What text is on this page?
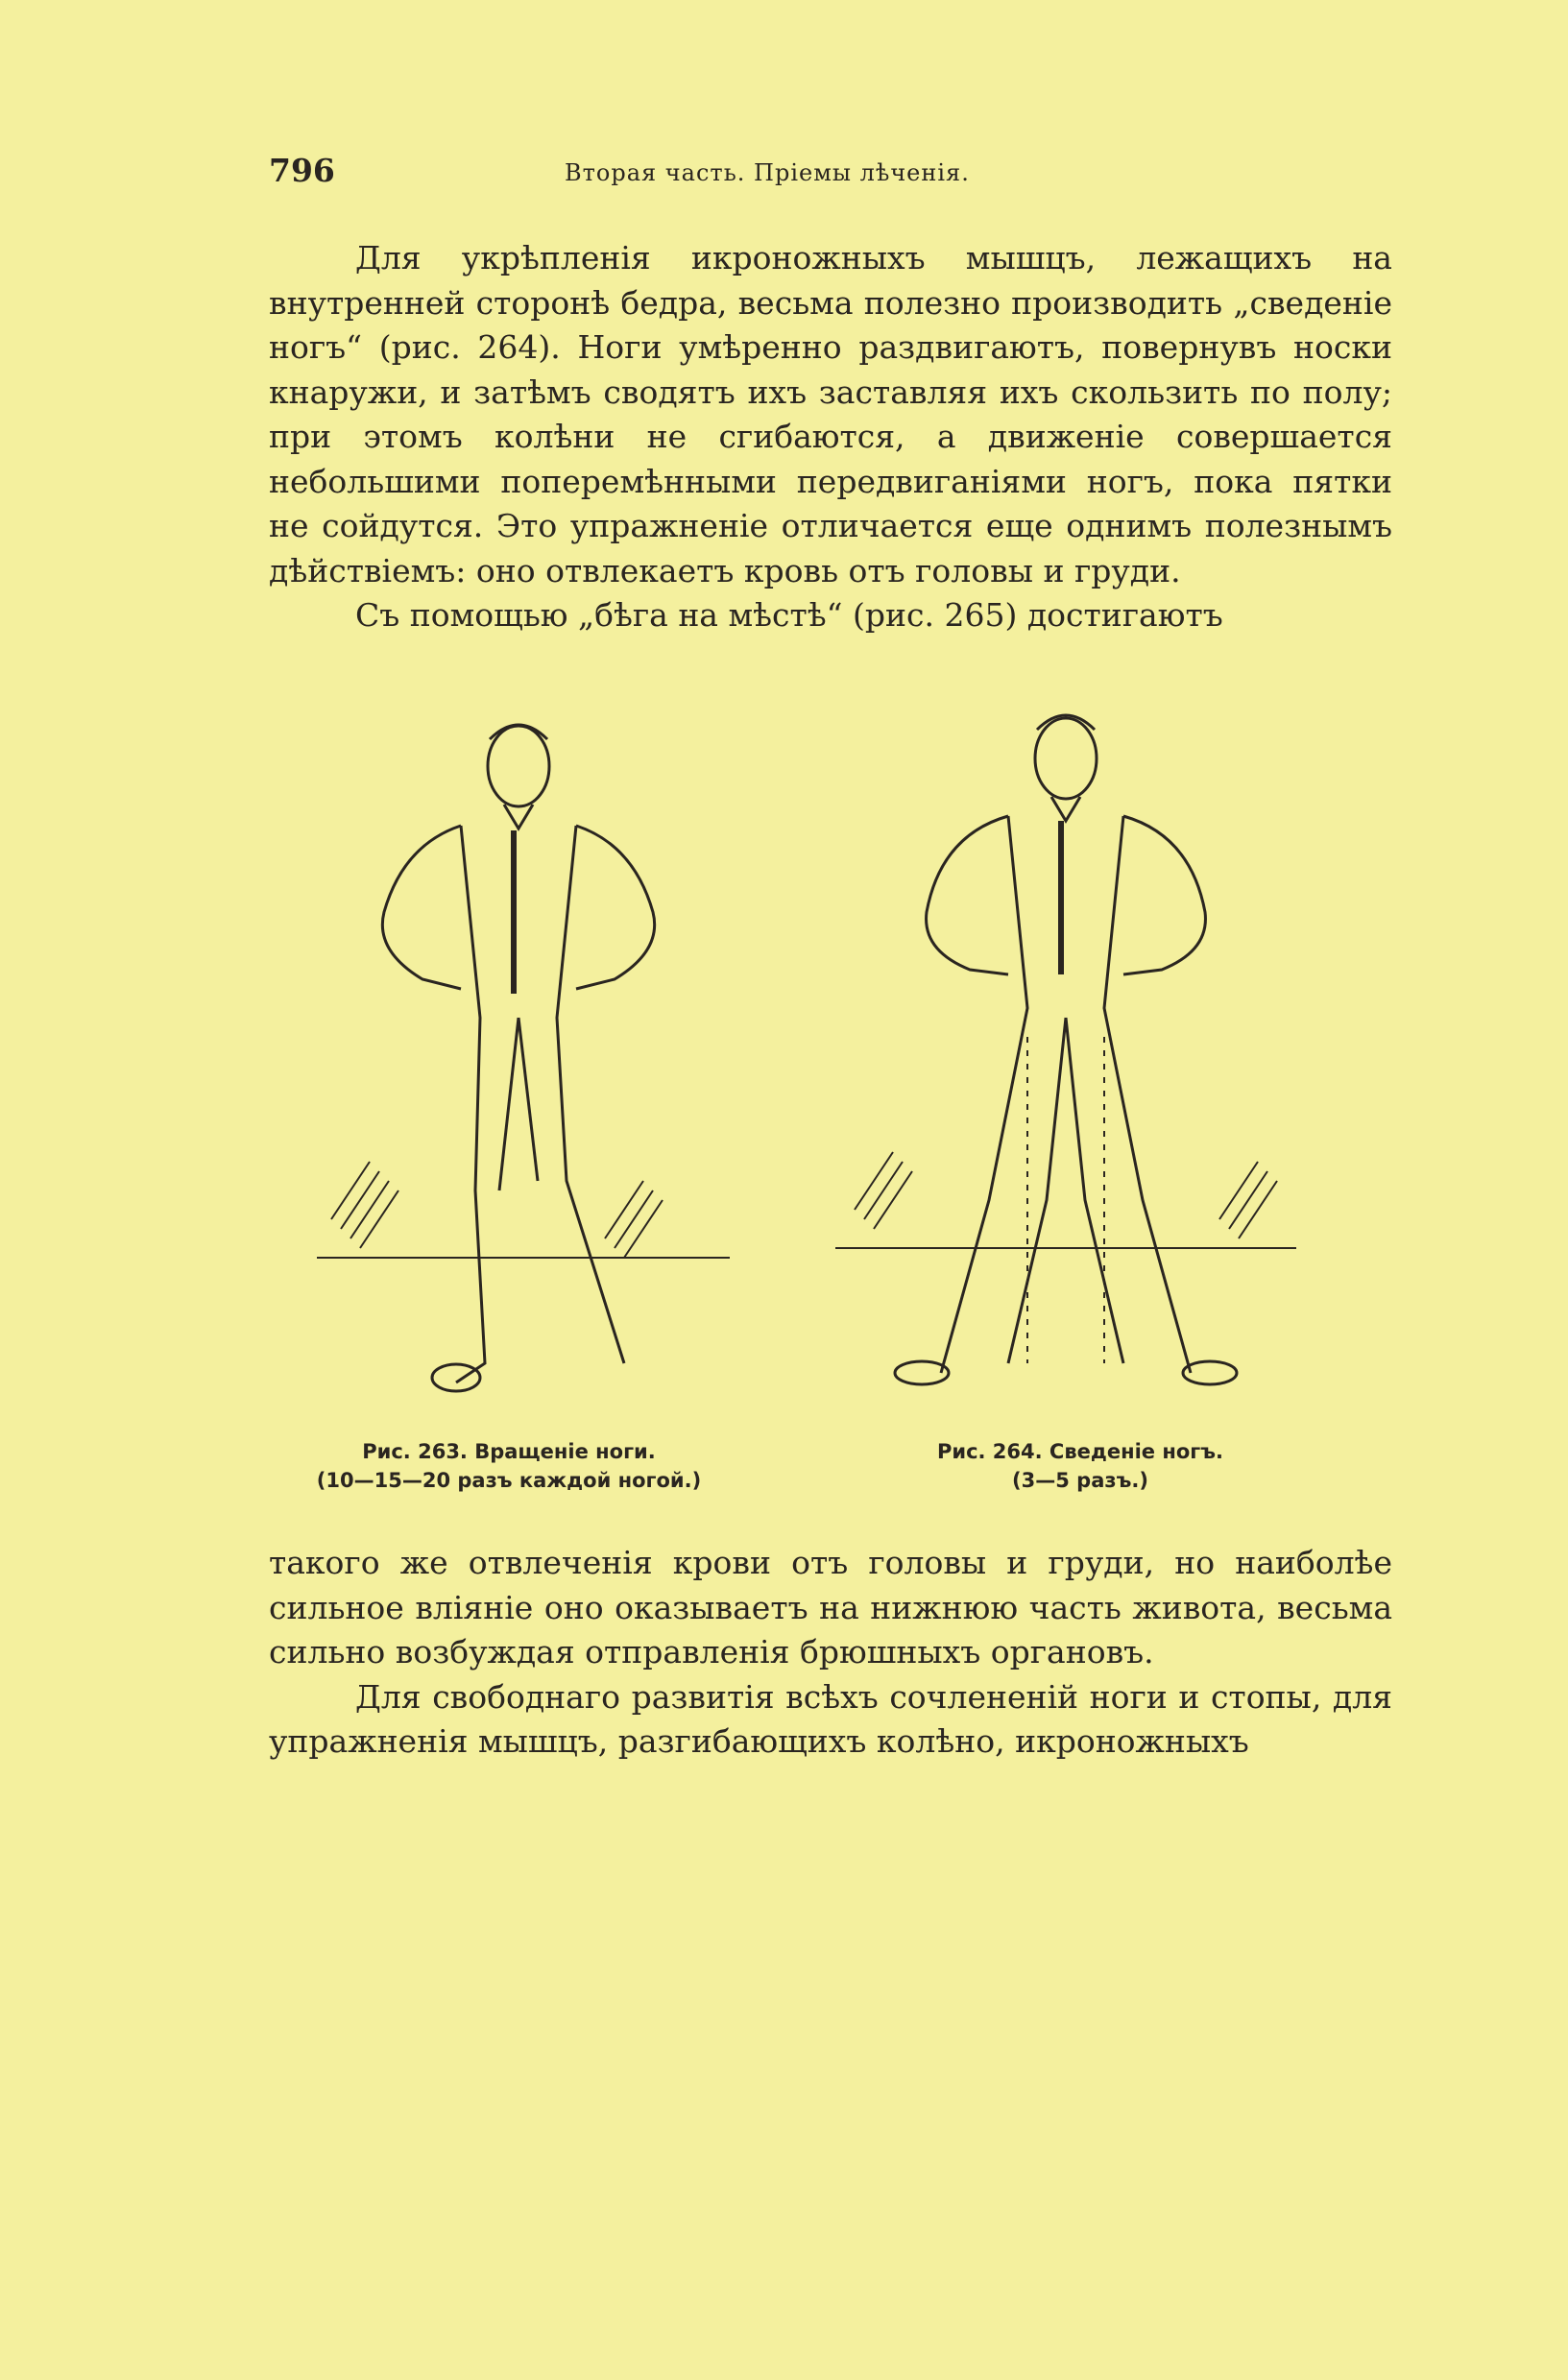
796	Вторая часть. Прiемы лѣченiя.

Для укрѣпленiя икроножныхъ мышцъ, лежащихъ на внутренней сторонѣ бедра, весьма полезно производить „сведенiе ногъ“ (рис. 264). Ноги умѣренно раздвигаютъ, повернувъ носки кнаружи, и затѣмъ сводятъ ихъ заставляя ихъ скользить по полу; при этомъ колѣни не сгибаются, а движенiе совершается небольшими поперемѣнными передвиганiями ногъ, пока пятки не сойдутся. Это упражненiе отличается еще однимъ полезнымъ дѣйствiемъ: оно отвлекаетъ кровь отъ головы и груди.

Съ помощью „бѣга на мѣстѣ“ (рис. 265) достигаютъ

Рис. 263. Вращенiе ноги.
(10—15—20 разъ каждой ногой.)
Рис. 264. Сведенiе ногъ.
(3—5 разъ.)

такого же отвлеченiя крови отъ головы и груди, но наиболѣе сильное влiянiе оно оказываетъ на нижнюю часть живота, весьма сильно возбуждая отправленiя брюшныхъ органовъ.

Для свободнаго развитiя всѣхъ сочлененiй ноги и стопы, для упражненiя мышцъ, разгибающихъ колѣно, икроножныхъ
